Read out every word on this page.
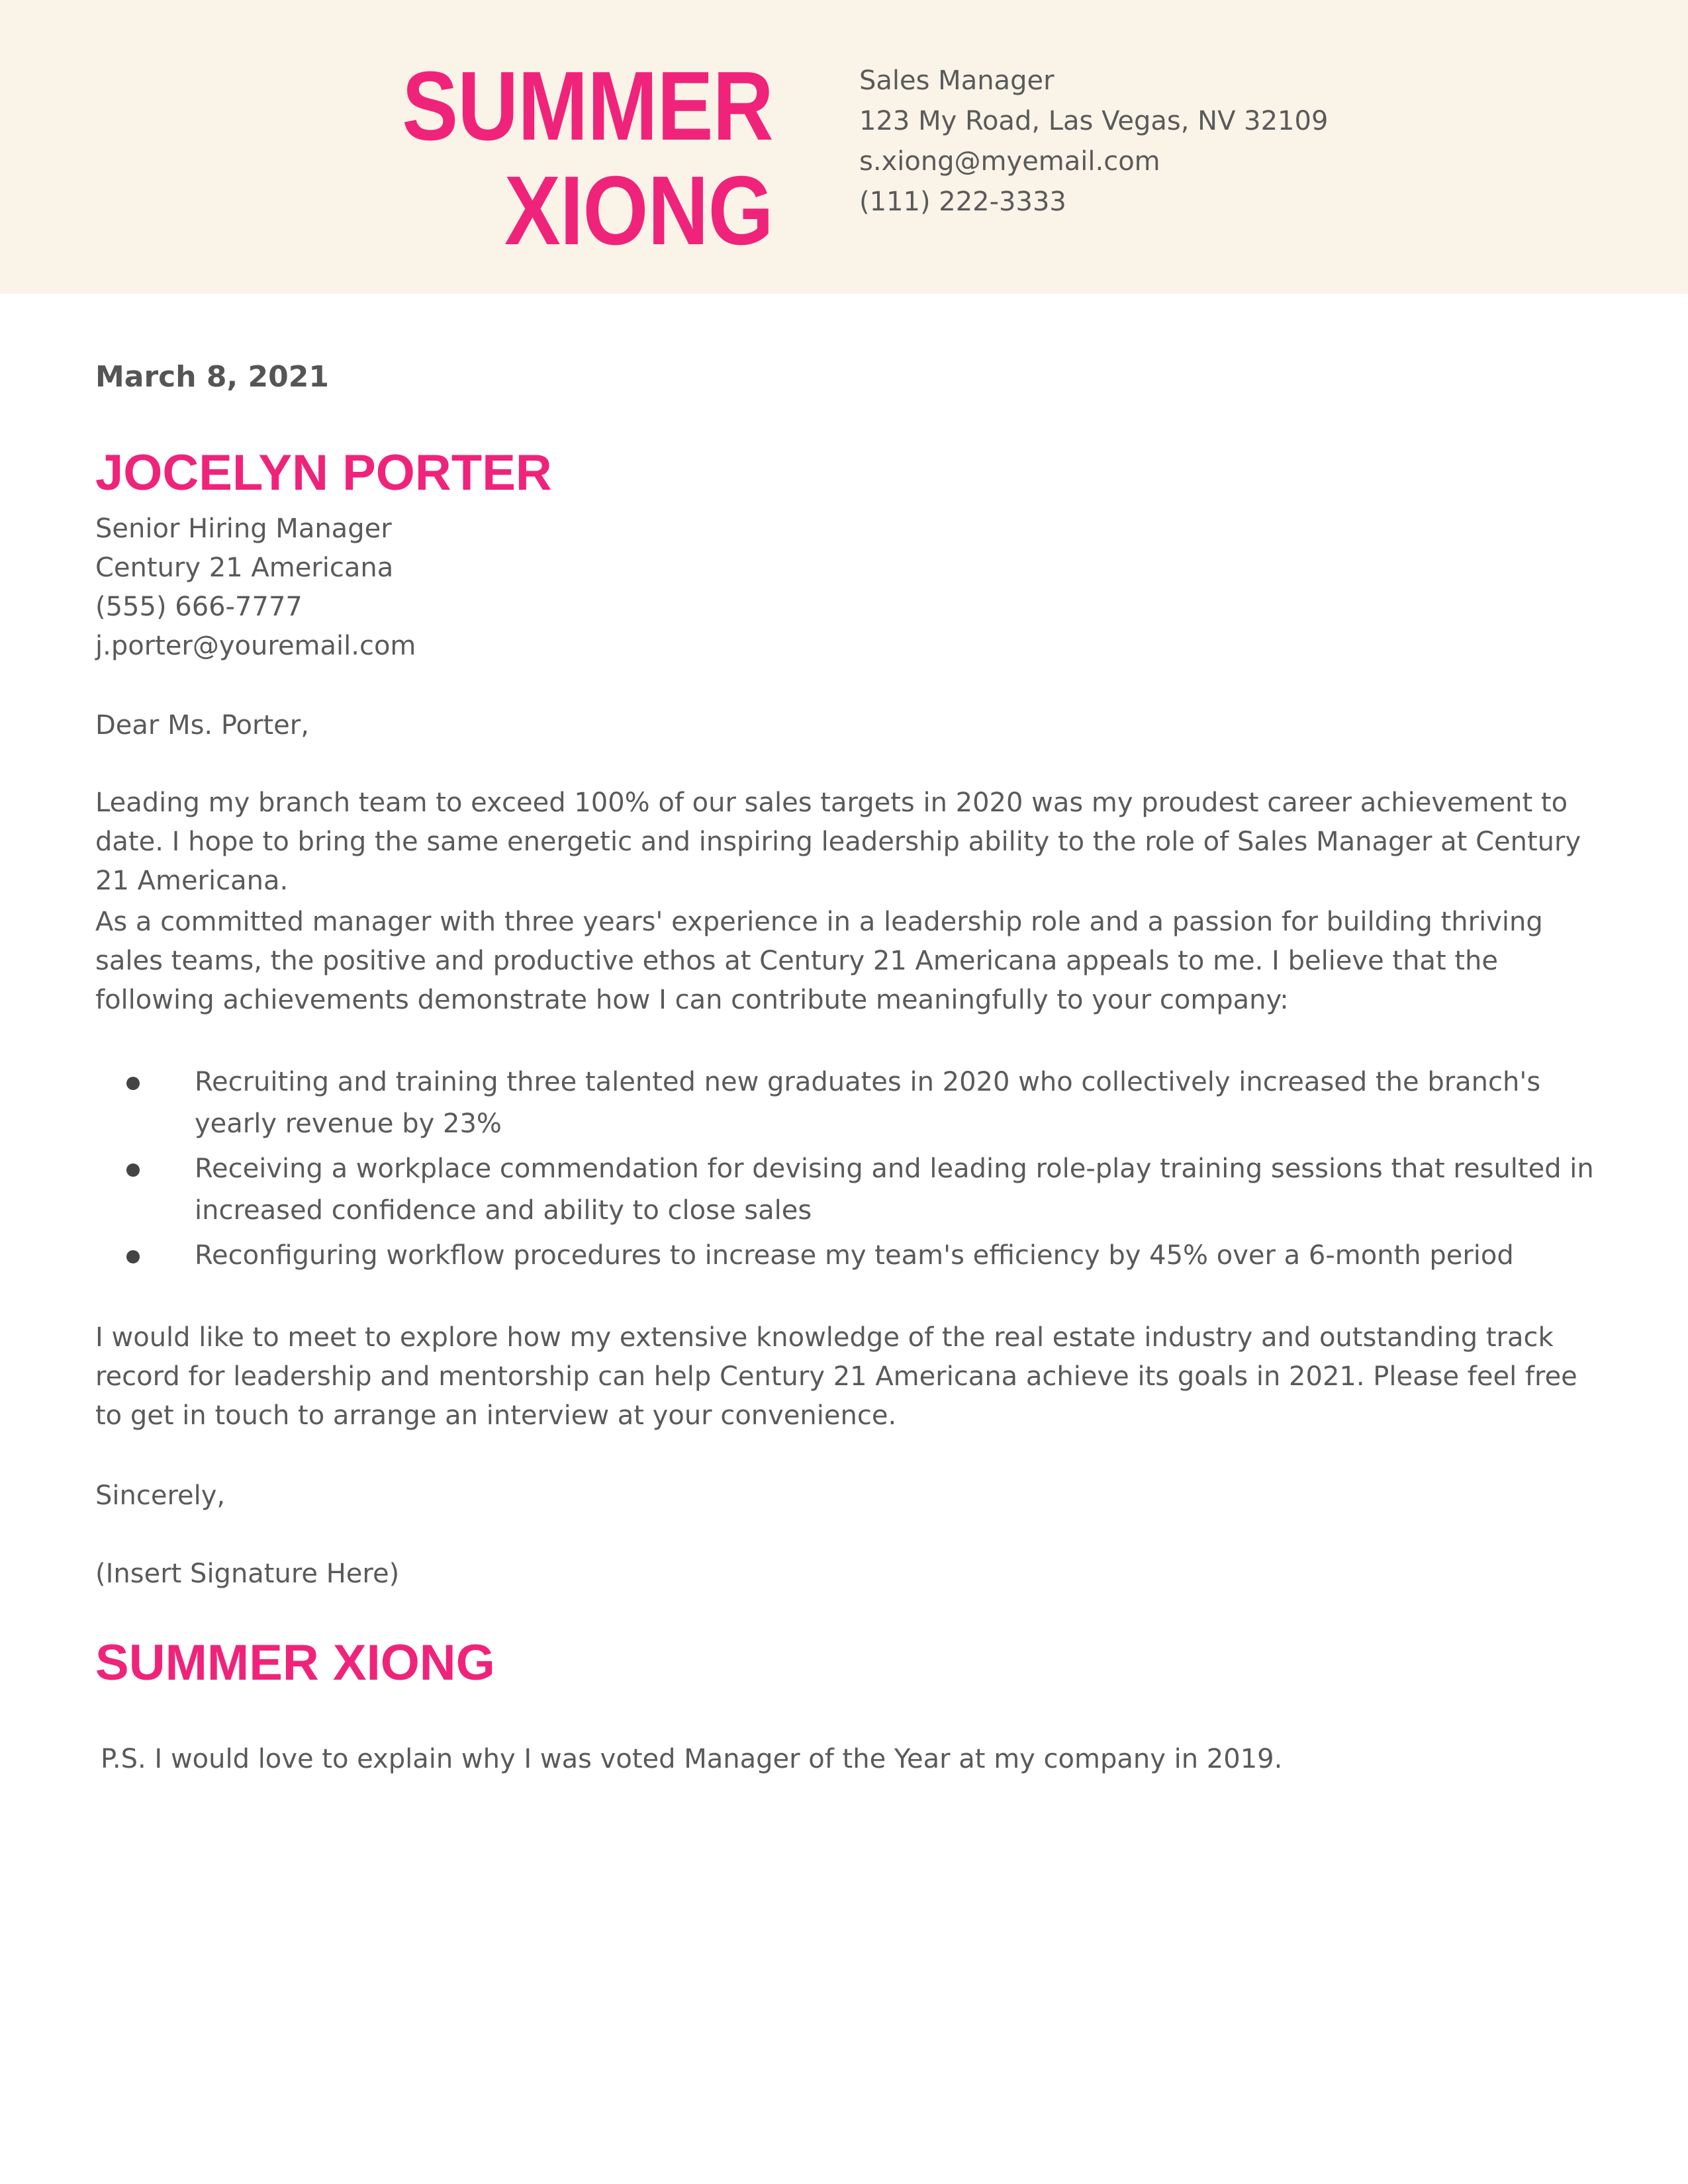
SUMMER
XIONG
Sales Manager
123 My Road, Las Vegas, NV 32109
s.xiong@myemail.com
(111) 222-3333
March 8, 2021
JOCELYN PORTER
Senior Hiring Manager
Century 21 Americana
(555) 666-7777
j.porter@youremail.com
Dear Ms. Porter,
Leading my branch team to exceed 100% of our sales targets in 2020 was my proudest career achievement to date. I hope to bring the same energetic and inspiring leadership ability to the role of Sales Manager at Century 21 Americana.
As a committed manager with three years' experience in a leadership role and a passion for building thriving sales teams, the positive and productive ethos at Century 21 Americana appeals to me. I believe that the following achievements demonstrate how I can contribute meaningfully to your company:
Recruiting and training three talented new graduates in 2020 who collectively increased the branch's yearly revenue by 23%
Receiving a workplace commendation for devising and leading role-play training sessions that resulted in increased confidence and ability to close sales
Reconfiguring workflow procedures to increase my team's efficiency by 45% over a 6-month period
I would like to meet to explore how my extensive knowledge of the real estate industry and outstanding track record for leadership and mentorship can help Century 21 Americana achieve its goals in 2021. Please feel free to get in touch to arrange an interview at your convenience.
Sincerely,
(Insert Signature Here)
SUMMER XIONG
P.S. I would love to explain why I was voted Manager of the Year at my company in 2019.
